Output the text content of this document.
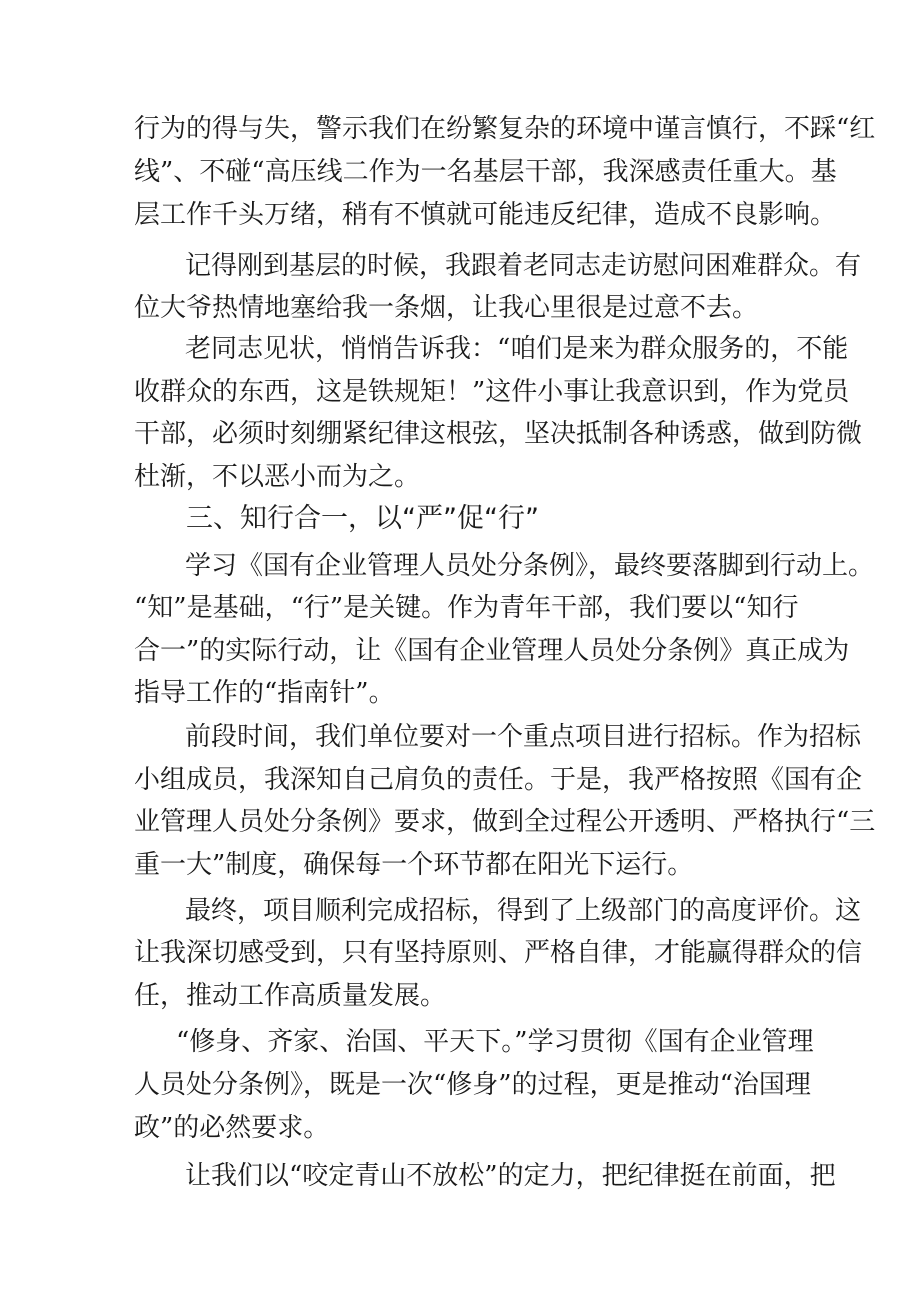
行为的得与失，警示我们在纷繁复杂的环境中谨言慎行，不踩“红
线”、不碰“高压线二作为一名基层干部，我深感责任重大。基
层工作千头万绪，稍有不慎就可能违反纪律，造成不良影响。
记得刚到基层的时候，我跟着老同志走访慰问困难群众。有
位大爷热情地塞给我一条烟，让我心里很是过意不去。
老同志见状，悄悄告诉我：“咱们是来为群众服务的，不能
收群众的东西，这是铁规矩！”这件小事让我意识到，作为党员
干部，必须时刻绷紧纪律这根弦，坚决抵制各种诱惑，做到防微
杜渐，不以恶小而为之。
三、知行合一，以“严”促“行”
学习《国有企业管理人员处分条例》，最终要落脚到行动上。
“知”是基础，“行”是关键。作为青年干部，我们要以“知行
合一”的实际行动，让《国有企业管理人员处分条例》真正成为
指导工作的“指南针”。
前段时间，我们单位要对一个重点项目进行招标。作为招标
小组成员，我深知自己肩负的责任。于是，我严格按照《国有企
业管理人员处分条例》要求，做到全过程公开透明、严格执行“三
重一大”制度，确保每一个环节都在阳光下运行。
最终，项目顺利完成招标，得到了上级部门的高度评价。这
让我深切感受到，只有坚持原则、严格自律，才能赢得群众的信
任，推动工作高质量发展。
“修身、齐家、治国、平天下。”学习贯彻《国有企业管理
人员处分条例》，既是一次“修身”的过程，更是推动“治国理
政”的必然要求。
让我们以“咬定青山不放松”的定力，把纪律挺在前面，把
